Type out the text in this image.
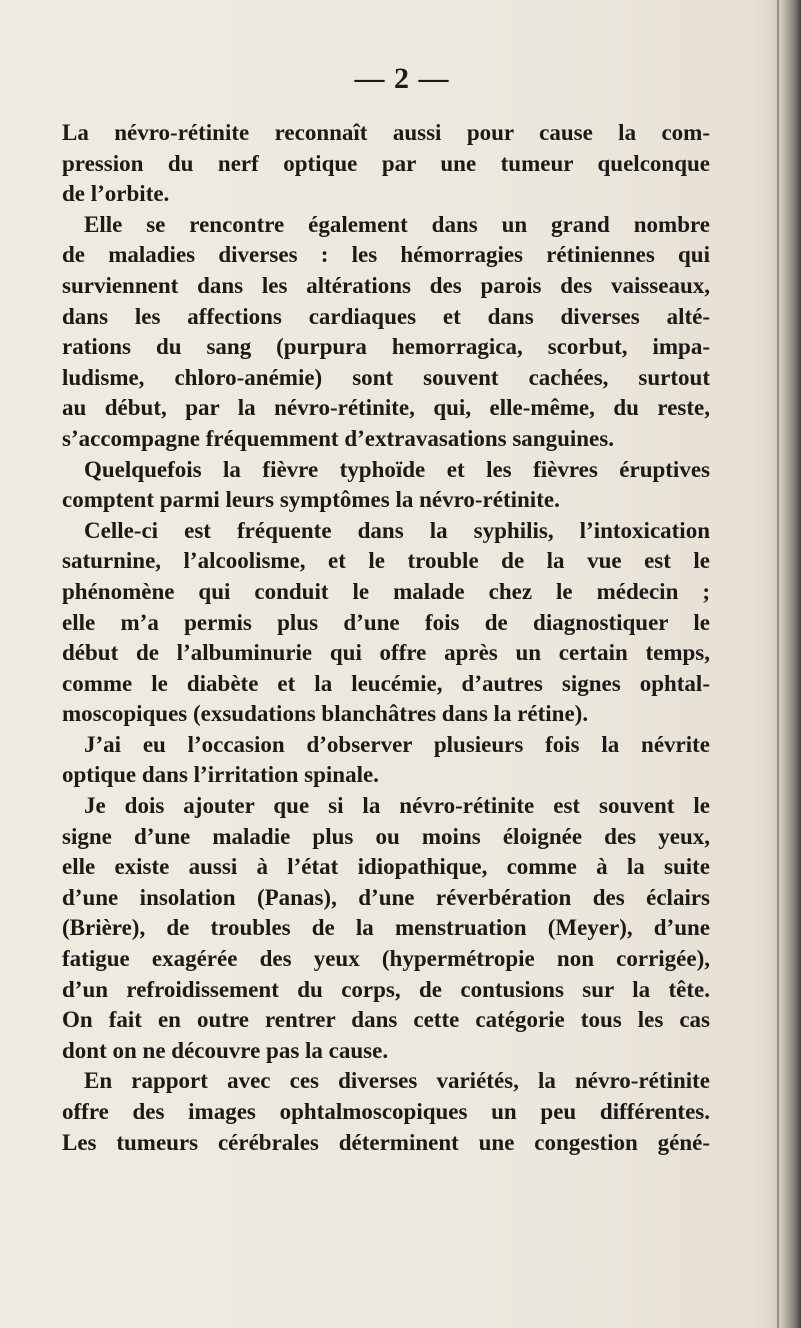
— 2 —
La névro-rétinite reconnaît aussi pour cause la com-
pression du nerf optique par une tumeur quelconque
de l’orbite.
Elle se rencontre également dans un grand nombre
de maladies diverses : les hémorragies rétiniennes qui
surviennent dans les altérations des parois des vaisseaux,
dans les affections cardiaques et dans diverses alté-
rations du sang (purpura hemorragica, scorbut, impa-
ludisme, chloro-anémie) sont souvent cachées, surtout
au début, par la névro-rétinite, qui, elle-même, du reste,
s’accompagne fréquemment d’extravasations sanguines.
Quelquefois la fièvre typhoïde et les fièvres éruptives
comptent parmi leurs symptômes la névro-rétinite.
Celle-ci est fréquente dans la syphilis, l’intoxication
saturnine, l’alcoolisme, et le trouble de la vue est le
phénomène qui conduit le malade chez le médecin ;
elle m’a permis plus d’une fois de diagnostiquer le
début de l’albuminurie qui offre après un certain temps,
comme le diabète et la leucémie, d’autres signes ophtal-
moscopiques (exsudations blanchâtres dans la rétine).
J’ai eu l’occasion d’observer plusieurs fois la névrite
optique dans l’irritation spinale.
Je dois ajouter que si la névro-rétinite est souvent le
signe d’une maladie plus ou moins éloignée des yeux,
elle existe aussi à l’état idiopathique, comme à la suite
d’une insolation (Panas), d’une réverbération des éclairs
(Brière), de troubles de la menstruation (Meyer), d’une
fatigue exagérée des yeux (hypermétropie non corrigée),
d’un refroidissement du corps, de contusions sur la tête.
On fait en outre rentrer dans cette catégorie tous les cas
dont on ne découvre pas la cause.
En rapport avec ces diverses variétés, la névro-rétinite
offre des images ophtalmoscopiques un peu différentes.
Les tumeurs cérébrales déterminent une congestion géné-
